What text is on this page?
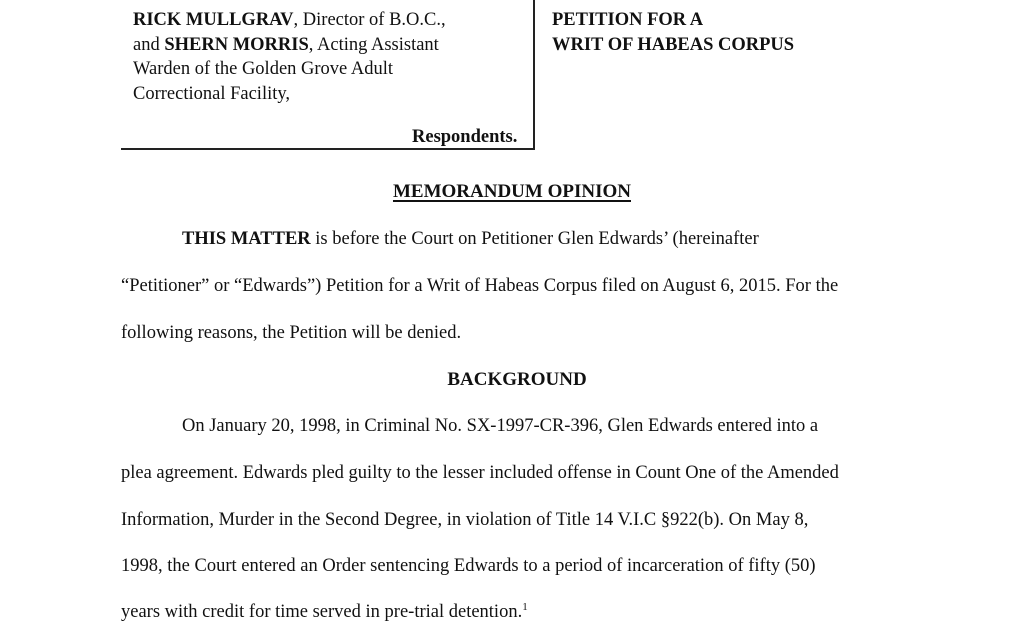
RICK MULLGRAV, Director of B.O.C.,
and SHERN MORRIS, Acting Assistant
Warden of the Golden Grove Adult
Correctional Facility,
Respondents.
PETITION FOR A
WRIT OF HABEAS CORPUS
MEMORANDUM OPINION
THIS MATTER is before the Court on Petitioner Glen Edwards’ (hereinafter
“Petitioner” or “Edwards”) Petition for a Writ of Habeas Corpus filed on August 6, 2015. For the
following reasons, the Petition will be denied.
BACKGROUND
On January 20, 1998, in Criminal No. SX-1997-CR-396, Glen Edwards entered into a
plea agreement. Edwards pled guilty to the lesser included offense in Count One of the Amended
Information, Murder in the Second Degree, in violation of Title 14 V.I.C §922(b). On May 8,
1998, the Court entered an Order sentencing Edwards to a period of incarceration of fifty (50)
years with credit for time served in pre-trial detention.$^1$
